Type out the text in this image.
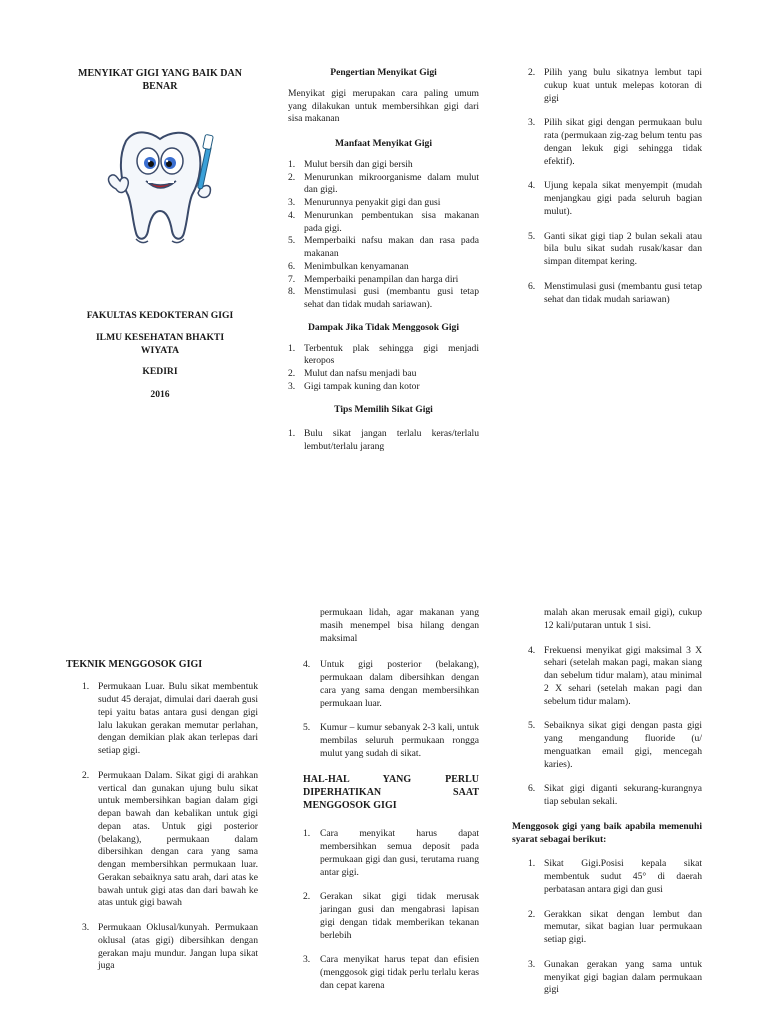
MENYIKAT GIGI YANG BAIK DAN BENAR
FAKULTAS KEDOKTERAN GIGI
ILMU KESEHATAN BHAKTI WIYATA
KEDIRI
2016
Pengertian Menyikat Gigi
Menyikat gigi merupakan cara paling umum yang dilakukan untuk membersihkan gigi dari sisa makanan
Manfaat Menyikat Gigi
1. Mulut bersih dan gigi bersih
2. Menurunkan mikroorganisme dalam mulut dan gigi.
3. Menurunnya penyakit gigi dan gusi
4. Menurunkan pembentukan sisa makanan pada gigi.
5. Memperbaiki nafsu makan dan rasa pada makanan
6. Menimbulkan kenyamanan
7. Memperbaiki penampilan dan harga diri
8. Menstimulasi gusi (membantu gusi tetap sehat dan tidak mudah sariawan).
Dampak Jika Tidak Menggosok Gigi
1. Terbentuk plak sehingga gigi menjadi keropos
2. Mulut dan nafsu menjadi bau
3. Gigi tampak kuning dan kotor
Tips Memilih Sikat Gigi
1. Bulu sikat jangan terlalu keras/terlalu lembut/terlalu jarang
2. Pilih yang bulu sikatnya lembut tapi cukup kuat untuk melepas kotoran di gigi
3. Pilih sikat gigi dengan permukaan bulu rata (permukaan zig-zag belum tentu pas dengan lekuk gigi sehingga tidak efektif).
4. Ujung kepala sikat menyempit (mudah menjangkau gigi pada seluruh bagian mulut).
5. Ganti sikat gigi tiap 2 bulan sekali atau bila bulu sikat sudah rusak/kasar dan simpan ditempat kering.
6. Menstimulasi gusi (membantu gusi tetap sehat dan tidak mudah sariawan)
TEKNIK MENGGOSOK GIGI
1. Permukaan Luar. Bulu sikat membentuk sudut 45 derajat, dimulai dari daerah gusi tepi yaitu batas antara gusi dengan gigi lalu lakukan gerakan memutar perlahan, dengan demikian plak akan terlepas dari setiap gigi.
2. Permukaan Dalam. Sikat gigi di arahkan vertical dan gunakan ujung bulu sikat untuk membersihkan bagian dalam gigi depan bawah dan kebalikan untuk gigi depan atas. Untuk gigi posterior (belakang), permukaan dalam dibersihkan dengan cara yang sama dengan membersihkan permukaan luar. Gerakan sebaiknya satu arah, dari atas ke bawah untuk gigi atas dan dari bawah ke atas untuk gigi bawah
3. Permukaan Oklusal/kunyah. Permukaan oklusal (atas gigi) dibersihkan dengan gerakan maju mundur. Jangan lupa sikat juga
permukaan lidah, agar makanan yang masih menempel bisa hilang dengan maksimal
4. Untuk gigi posterior (belakang), permukaan dalam dibersihkan dengan cara yang sama dengan membersihkan permukaan luar.
5. Kumur – kumur sebanyak 2-3 kali, untuk membilas seluruh permukaan rongga mulut yang sudah di sikat.
HAL-HAL YANG PERLU DIPERHATIKAN SAAT MENGGOSOK GIGI
1. Cara menyikat harus dapat membersihkan semua deposit pada permukaan gigi dan gusi, terutama ruang antar gigi.
2. Gerakan sikat gigi tidak merusak jaringan gusi dan mengabrasi lapisan gigi dengan tidak memberikan tekanan berlebih
3. Cara menyikat harus tepat dan efisien (menggosok gigi tidak perlu terlalu keras dan cepat karena
malah akan merusak email gigi), cukup 12 kali/putaran untuk 1 sisi.
4. Frekuensi menyikat gigi maksimal 3 X sehari (setelah makan pagi, makan siang dan sebelum tidur malam), atau minimal 2 X sehari (setelah makan pagi dan sebelum tidur malam).
5. Sebaiknya sikat gigi dengan pasta gigi yang mengandung fluoride (u/ menguatkan email gigi, mencegah karies).
6. Sikat gigi diganti sekurang-kurangnya tiap sebulan sekali.
Menggosok gigi yang baik apabila memenuhi syarat sebagai berikut:
1. Sikat Gigi.Posisi kepala sikat membentuk sudut 45° di daerah perbatasan antara gigi dan gusi
2. Gerakkan sikat dengan lembut dan memutar, sikat bagian luar permukaan setiap gigi.
3. Gunakan gerakan yang sama untuk menyikat gigi bagian dalam permukaan gigi
